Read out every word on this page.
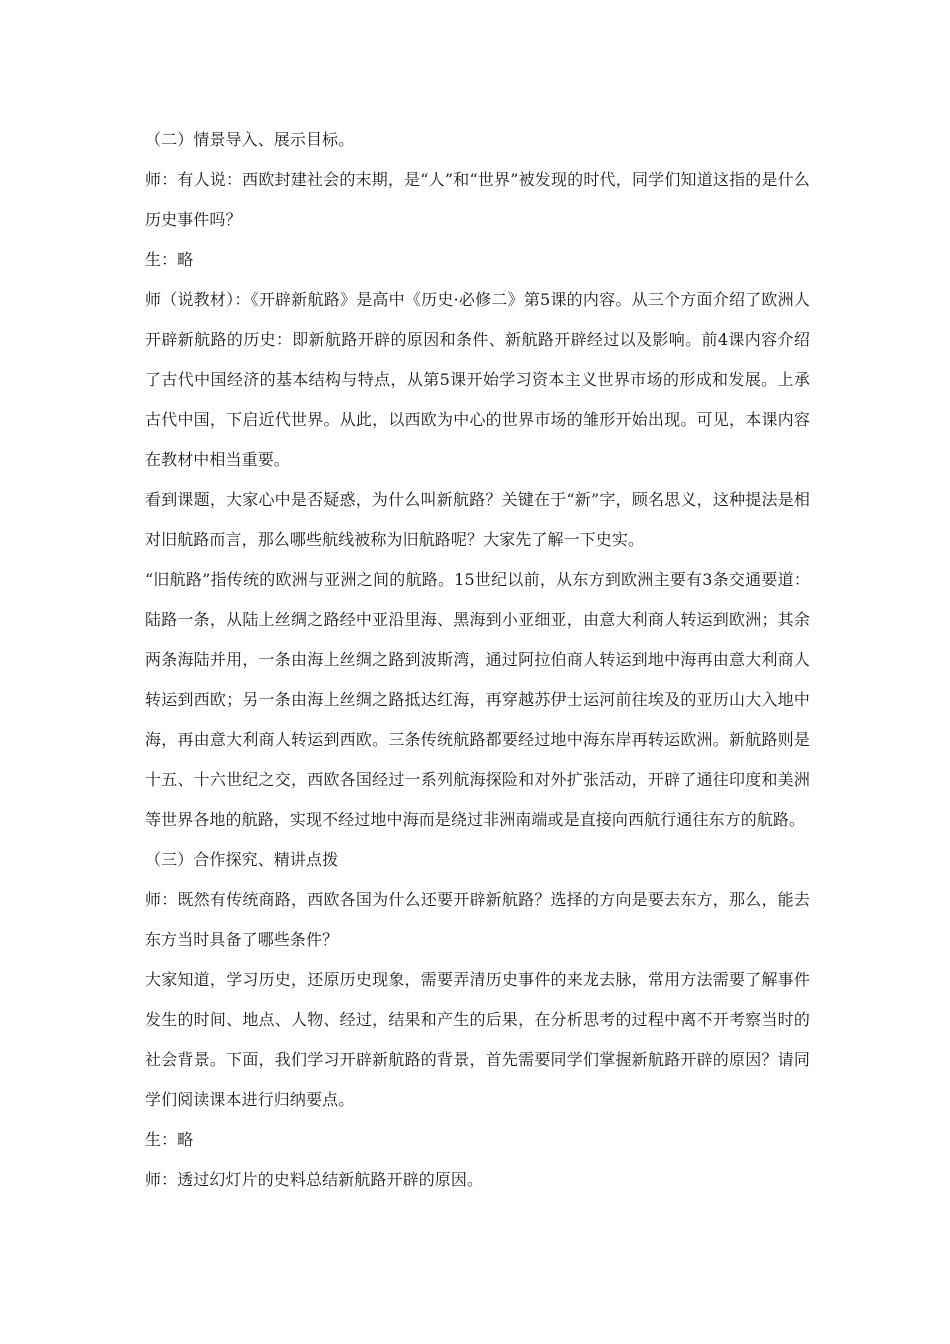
（二）情景导入、展示目标。

师：有人说：西欧封建社会的末期，是“人”和“世界”被发现的时代，同学们知道这指的是什么历史事件吗？

生：略

师（说教材）：《开辟新航路》是高中《历史·必修二》第5课的内容。从三个方面介绍了欧洲人开辟新航路的历史：即新航路开辟的原因和条件、新航路开辟经过以及影响。前4课内容介绍了古代中国经济的基本结构与特点，从第5课开始学习资本主义世界市场的形成和发展。上承古代中国，下启近代世界。从此，以西欧为中心的世界市场的雏形开始出现。可见，本课内容在教材中相当重要。

看到课题，大家心中是否疑惑，为什么叫新航路？关键在于“新”字，顾名思义，这种提法是相对旧航路而言，那么哪些航线被称为旧航路呢？大家先了解一下史实。

“旧航路”指传统的欧洲与亚洲之间的航路。15世纪以前，从东方到欧洲主要有3条交通要道：陆路一条，从陆上丝绸之路经中亚沿里海、黑海到小亚细亚，由意大利商人转运到欧洲；其余两条海陆并用，一条由海上丝绸之路到波斯湾，通过阿拉伯商人转运到地中海再由意大利商人转运到西欧；另一条由海上丝绸之路抵达红海，再穿越苏伊士运河前往埃及的亚历山大入地中海，再由意大利商人转运到西欧。三条传统航路都要经过地中海东岸再转运欧洲。新航路则是十五、十六世纪之交，西欧各国经过一系列航海探险和对外扩张活动，开辟了通往印度和美洲等世界各地的航路，实现不经过地中海而是绕过非洲南端或是直接向西航行通往东方的航路。

（三）合作探究、精讲点拨

师：既然有传统商路，西欧各国为什么还要开辟新航路？选择的方向是要去东方，那么，能去东方当时具备了哪些条件？

大家知道，学习历史，还原历史现象，需要弄清历史事件的来龙去脉，常用方法需要了解事件发生的时间、地点、人物、经过，结果和产生的后果，在分析思考的过程中离不开考察当时的社会背景。下面，我们学习开辟新航路的背景，首先需要同学们掌握新航路开辟的原因？请同学们阅读课本进行归纳要点。

生：略

师：透过幻灯片的史料总结新航路开辟的原因。
